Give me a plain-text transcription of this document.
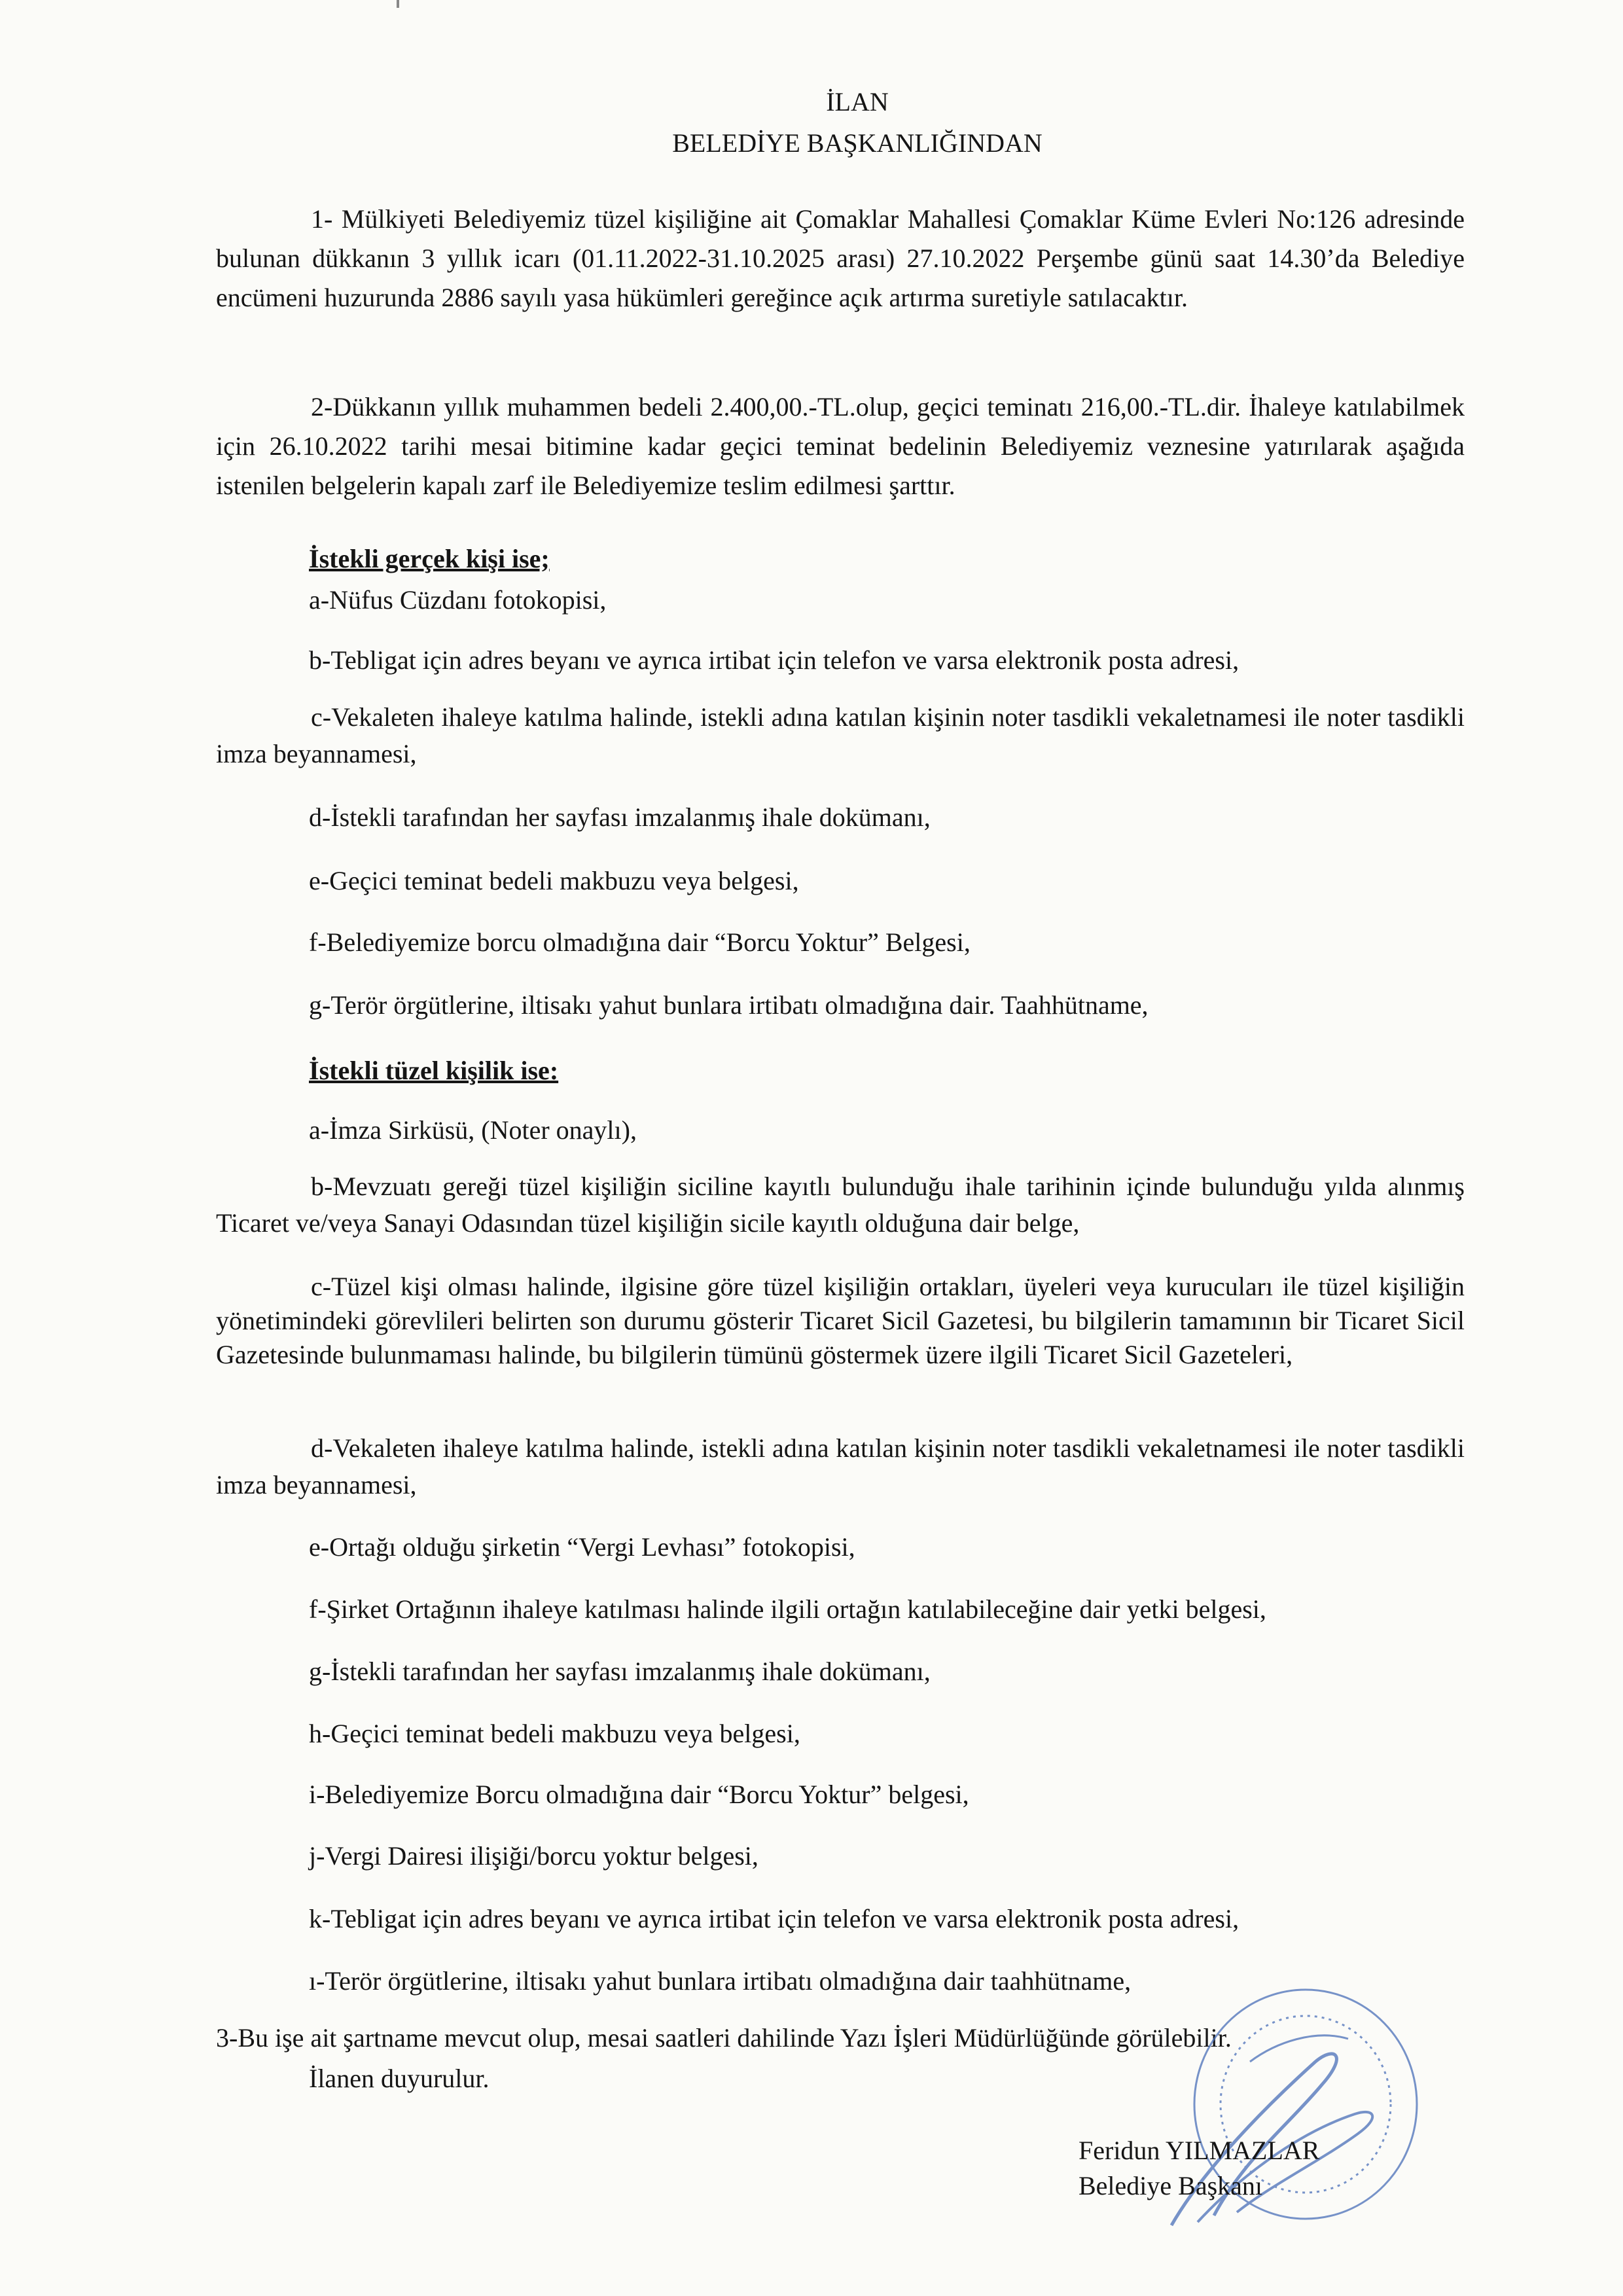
İLAN
BELEDİYE BAŞKANLIĞINDAN
1- Mülkiyeti Belediyemiz tüzel kişiliğine ait Çomaklar Mahallesi Çomaklar Küme Evleri No:126 adresinde bulunan dükkanın 3 yıllık icarı (01.11.2022-31.10.2025 arası) 27.10.2022 Perşembe günü saat 14.30’da Belediye encümeni huzurunda 2886 sayılı yasa hükümleri gereğince açık artırma suretiyle satılacaktır.
2-Dükkanın yıllık muhammen bedeli 2.400,00.-TL.olup, geçici teminatı 216,00.-TL.dir. İhaleye katılabilmek için 26.10.2022 tarihi mesai bitimine kadar geçici teminat bedelinin Belediyemiz veznesine yatırılarak aşağıda istenilen belgelerin kapalı zarf ile Belediyemize teslim edilmesi şarttır.
İstekli gerçek kişi ise;
a-Nüfus Cüzdanı fotokopisi,
b-Tebligat için adres beyanı ve ayrıca irtibat için telefon ve varsa elektronik posta adresi,
c-Vekaleten ihaleye katılma halinde, istekli adına katılan kişinin noter tasdikli vekaletnamesi ile noter tasdikli imza beyannamesi,
d-İstekli tarafından her sayfası imzalanmış ihale dokümanı,
e-Geçici teminat bedeli makbuzu veya belgesi,
f-Belediyemize borcu olmadığına dair “Borcu Yoktur” Belgesi,
g-Terör örgütlerine, iltisakı yahut bunlara irtibatı olmadığına dair. Taahhütname,
İstekli tüzel kişilik ise:
a-İmza Sirküsü, (Noter onaylı),
b-Mevzuatı gereği tüzel kişiliğin siciline kayıtlı bulunduğu ihale tarihinin içinde bulunduğu yılda alınmış Ticaret ve/veya Sanayi Odasından tüzel kişiliğin sicile kayıtlı olduğuna dair belge,
c-Tüzel kişi olması halinde, ilgisine göre tüzel kişiliğin ortakları, üyeleri veya kurucuları ile tüzel kişiliğin yönetimindeki görevlileri belirten son durumu gösterir Ticaret Sicil Gazetesi, bu bilgilerin tamamının bir Ticaret Sicil Gazetesinde bulunmaması halinde, bu bilgilerin tümünü göstermek üzere ilgili Ticaret Sicil Gazeteleri,
d-Vekaleten ihaleye katılma halinde, istekli adına katılan kişinin noter tasdikli vekaletnamesi ile noter tasdikli imza beyannamesi,
e-Ortağı olduğu şirketin “Vergi Levhası” fotokopisi,
f-Şirket Ortağının ihaleye katılması halinde ilgili ortağın katılabileceğine dair yetki belgesi,
g-İstekli tarafından her sayfası imzalanmış ihale dokümanı,
h-Geçici teminat bedeli makbuzu veya belgesi,
i-Belediyemize Borcu olmadığına dair “Borcu Yoktur” belgesi,
j-Vergi Dairesi ilişiği/borcu yoktur belgesi,
k-Tebligat için adres beyanı ve ayrıca irtibat için telefon ve varsa elektronik posta adresi,
ı-Terör örgütlerine, iltisakı yahut bunlara irtibatı olmadığına dair taahhütname,
3-Bu işe ait şartname mevcut olup, mesai saatleri dahilinde Yazı İşleri Müdürlüğünde görülebilir.
İlanen duyurulur.
Feridun YILMAZLAR
Belediye Başkanı
